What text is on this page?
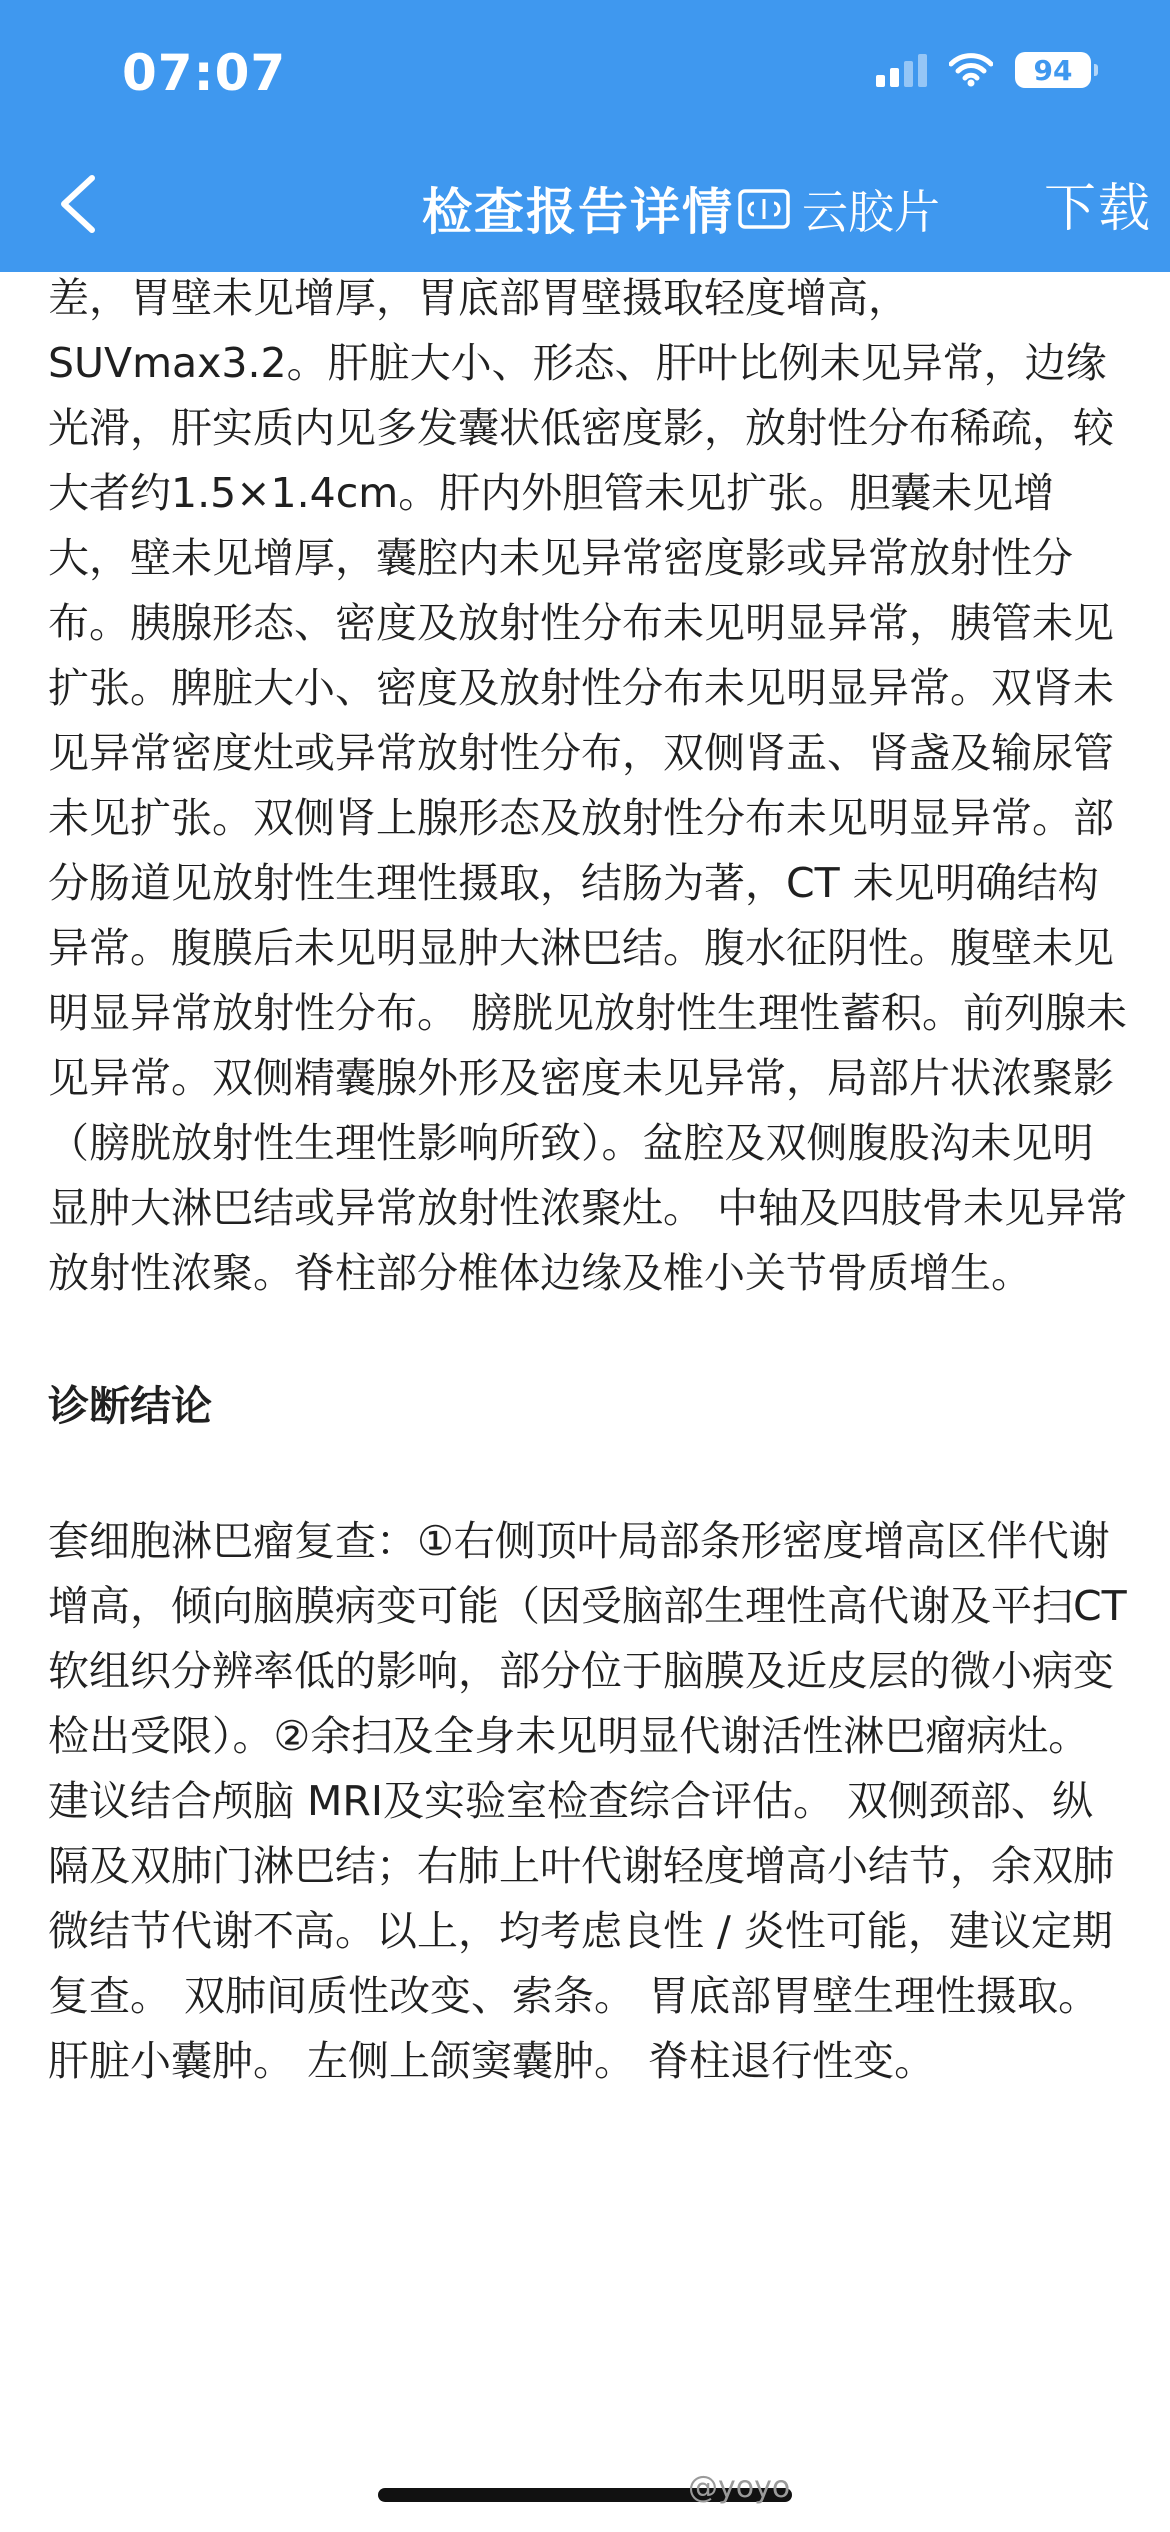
07:07	94
检查报告详情 云胶片 下载

差，胃壁未见增厚，胃底部胃壁摄取轻度增高，SUVmax3.2。肝脏大小、形态、肝叶比例未见异常，边缘光滑，肝实质内见多发囊状低密度影，放射性分布稀疏，较大者约1.5×1.4cm。肝内外胆管未见扩张。胆囊未见增大，壁未见增厚，囊腔内未见异常密度影或异常放射性分布。胰腺形态、密度及放射性分布未见明显异常，胰管未见扩张。脾脏大小、密度及放射性分布未见明显异常。双肾未见异常密度灶或异常放射性分布，双侧肾盂、肾盏及输尿管未见扩张。双侧肾上腺形态及放射性分布未见明显异常。部分肠道见放射性生理性摄取，结肠为著，CT 未见明确结构异常。腹膜后未见明显肿大淋巴结。腹水征阴性。腹壁未见明显异常放射性分布。 膀胱见放射性生理性蓄积。前列腺未见异常。双侧精囊腺外形及密度未见异常，局部片状浓聚影（膀胱放射性生理性影响所致）。盆腔及双侧腹股沟未见明显肿大淋巴结或异常放射性浓聚灶。 中轴及四肢骨未见异常放射性浓聚。脊柱部分椎体边缘及椎小关节骨质增生。

诊断结论

套细胞淋巴瘤复查：①右侧顶叶局部条形密度增高区伴代谢增高，倾向脑膜病变可能（因受脑部生理性高代谢及平扫CT软组织分辨率低的影响，部分位于脑膜及近皮层的微小病变检出受限）。②余扫及全身未见明显代谢活性淋巴瘤病灶。建议结合颅脑 MRI及实验室检查综合评估。 双侧颈部、纵隔及双肺门淋巴结；右肺上叶代谢轻度增高小结节，余双肺微结节代谢不高。以上，均考虑良性 / 炎性可能，建议定期复查。 双肺间质性改变、索条。 胃底部胃壁生理性摄取。肝脏小囊肿。 左侧上颌窦囊肿。 脊柱退行性变。

@yoyo
